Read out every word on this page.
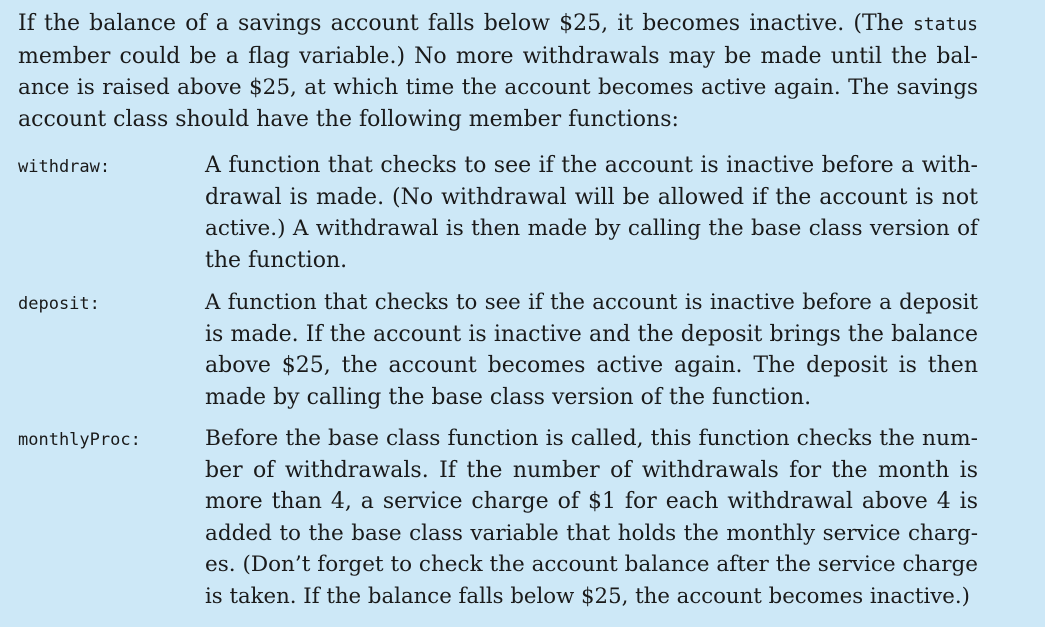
If the balance of a savings account falls below $25, it becomes inactive. (The status
member could be a flag variable.) No more withdrawals may be made until the bal-
ance is raised above $25, at which time the account becomes active again. The savings
account class should have the following member functions:
withdraw:	A function that checks to see if the account is inactive before a with-
drawal is made. (No withdrawal will be allowed if the account is not
active.) A withdrawal is then made by calling the base class version of
the function.
deposit:	A function that checks to see if the account is inactive before a deposit
is made. If the account is inactive and the deposit brings the balance
above $25, the account becomes active again. The deposit is then
made by calling the base class version of the function.
monthlyProc:	Before the base class function is called, this function checks the num-
ber of withdrawals. If the number of withdrawals for the month is
more than 4, a service charge of $1 for each withdrawal above 4 is
added to the base class variable that holds the monthly service charg-
es. (Don’t forget to check the account balance after the service charge
is taken. If the balance falls below $25, the account becomes inactive.)
